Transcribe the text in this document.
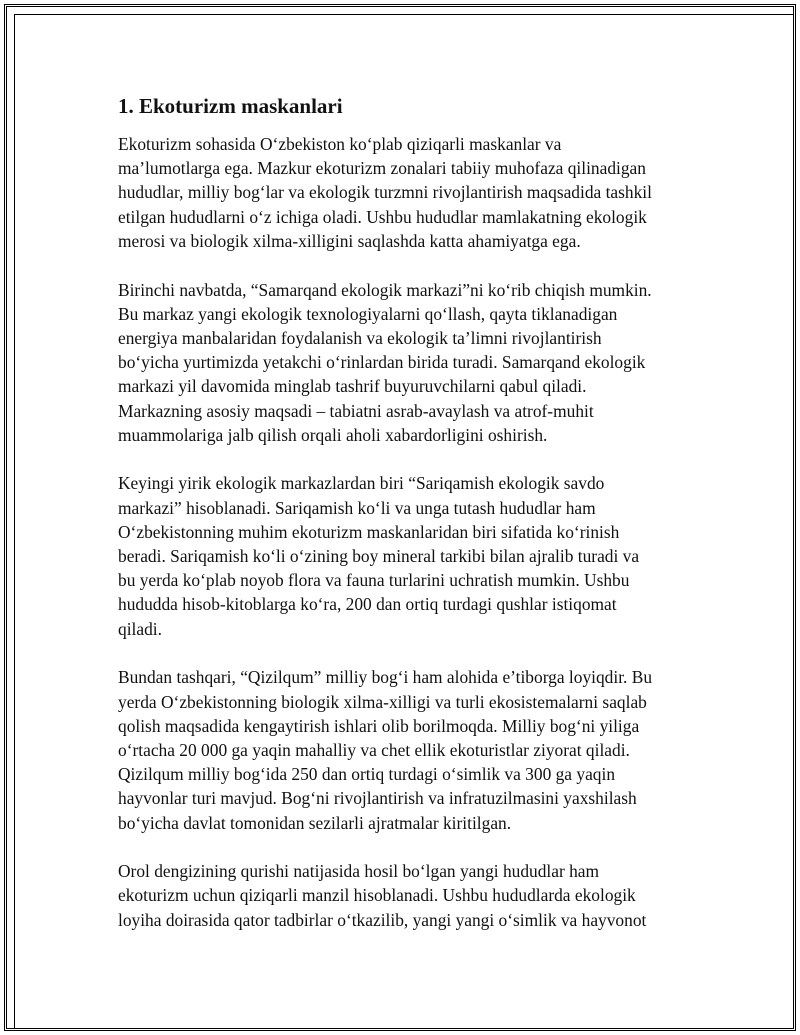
1. Ekoturizm maskanlari

Ekoturizm sohasida O‘zbekiston ko‘plab qiziqarli maskanlar va
ma’lumotlarga ega. Mazkur ekoturizm zonalari tabiiy muhofaza qilinadigan
hududlar, milliy bog‘lar va ekologik turzmni rivojlantirish maqsadida tashkil
etilgan hududlarni o‘z ichiga oladi. Ushbu hududlar mamlakatning ekologik
merosi va biologik xilma-xilligini saqlashda katta ahamiyatga ega.

Birinchi navbatda, “Samarqand ekologik markazi”ni ko‘rib chiqish mumkin.
Bu markaz yangi ekologik texnologiyalarni qo‘llash, qayta tiklanadigan
energiya manbalaridan foydalanish va ekologik ta’limni rivojlantirish
bo‘yicha yurtimizda yetakchi o‘rinlardan birida turadi. Samarqand ekologik
markazi yil davomida minglab tashrif buyuruvchilarni qabul qiladi.
Markazning asosiy maqsadi – tabiatni asrab-avaylash va atrof-muhit
muammolariga jalb qilish orqali aholi xabardorligini oshirish.

Keyingi yirik ekologik markazlardan biri “Sariqamish ekologik savdo
markazi” hisoblanadi. Sariqamish ko‘li va unga tutash hududlar ham
O‘zbekistonning muhim ekoturizm maskanlaridan biri sifatida ko‘rinish
beradi. Sariqamish ko‘li o‘zining boy mineral tarkibi bilan ajralib turadi va
bu yerda ko‘plab noyob flora va fauna turlarini uchratish mumkin. Ushbu
hududda hisob-kitoblarga ko‘ra, 200 dan ortiq turdagi qushlar istiqomat
qiladi.

Bundan tashqari, “Qizilqum” milliy bog‘i ham alohida e’tiborga loyiqdir. Bu
yerda O‘zbekistonning biologik xilma-xilligi va turli ekosistemalarni saqlab
qolish maqsadida kengaytirish ishlari olib borilmoqda. Milliy bog‘ni yiliga
o‘rtacha 20 000 ga yaqin mahalliy va chet ellik ekoturistlar ziyorat qiladi.
Qizilqum milliy bog‘ida 250 dan ortiq turdagi o‘simlik va 300 ga yaqin
hayvonlar turi mavjud. Bog‘ni rivojlantirish va infratuzilmasini yaxshilash
bo‘yicha davlat tomonidan sezilarli ajratmalar kiritilgan.

Orol dengizining qurishi natijasida hosil bo‘lgan yangi hududlar ham
ekoturizm uchun qiziqarli manzil hisoblanadi. Ushbu hududlarda ekologik
loyiha doirasida qator tadbirlar o‘tkazilib, yangi yangi o‘simlik va hayvonot
